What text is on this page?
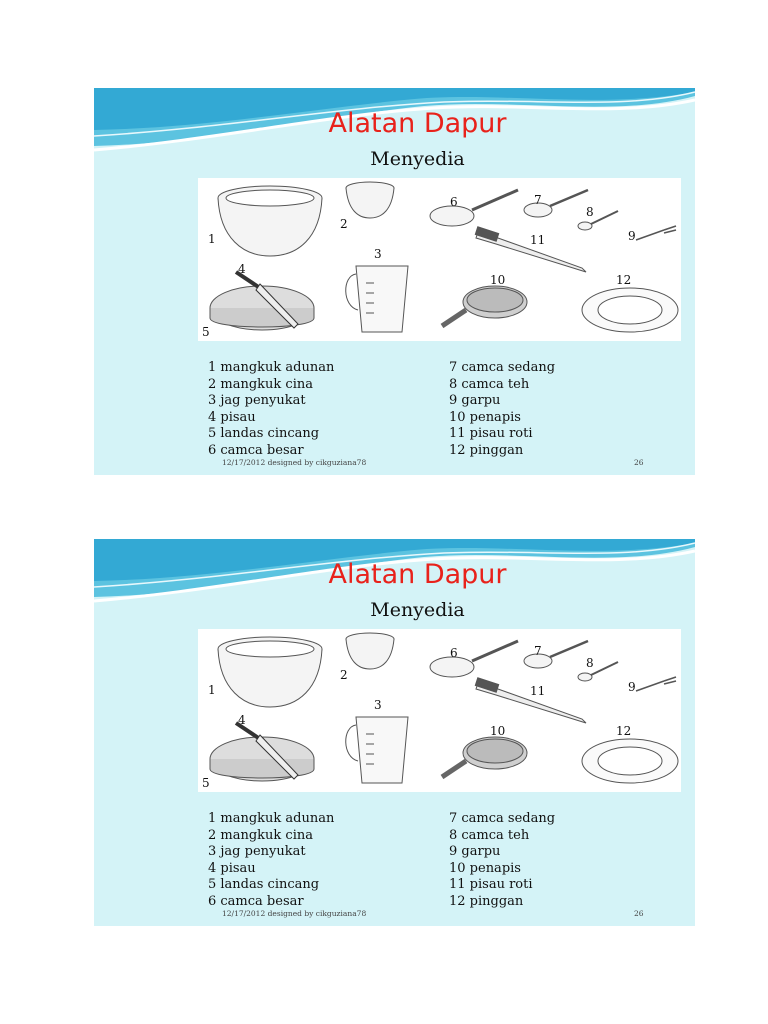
Alatan Dapur
Menyedia
1
2
3
4
5
6	7
8
9
10
11
12
1 mangkuk adunan
2 mangkuk cina
3 jag penyukat
4 pisau
5 landas cincang
6 camca besar
7 camca sedang
8 camca teh
9 garpu
10 penapis
11 pisau roti
12 pinggan
12/17/2012 designed by cikguziana78	26
Alatan Dapur
Menyedia
1
2
3
4
5
6	7
8
9
10
11
12
1 mangkuk adunan
2 mangkuk cina
3 jag penyukat
4 pisau
5 landas cincang
6 camca besar
7 camca sedang
8 camca teh
9 garpu
10 penapis
11 pisau roti
12 pinggan
12/17/2012 designed by cikguziana78	26
